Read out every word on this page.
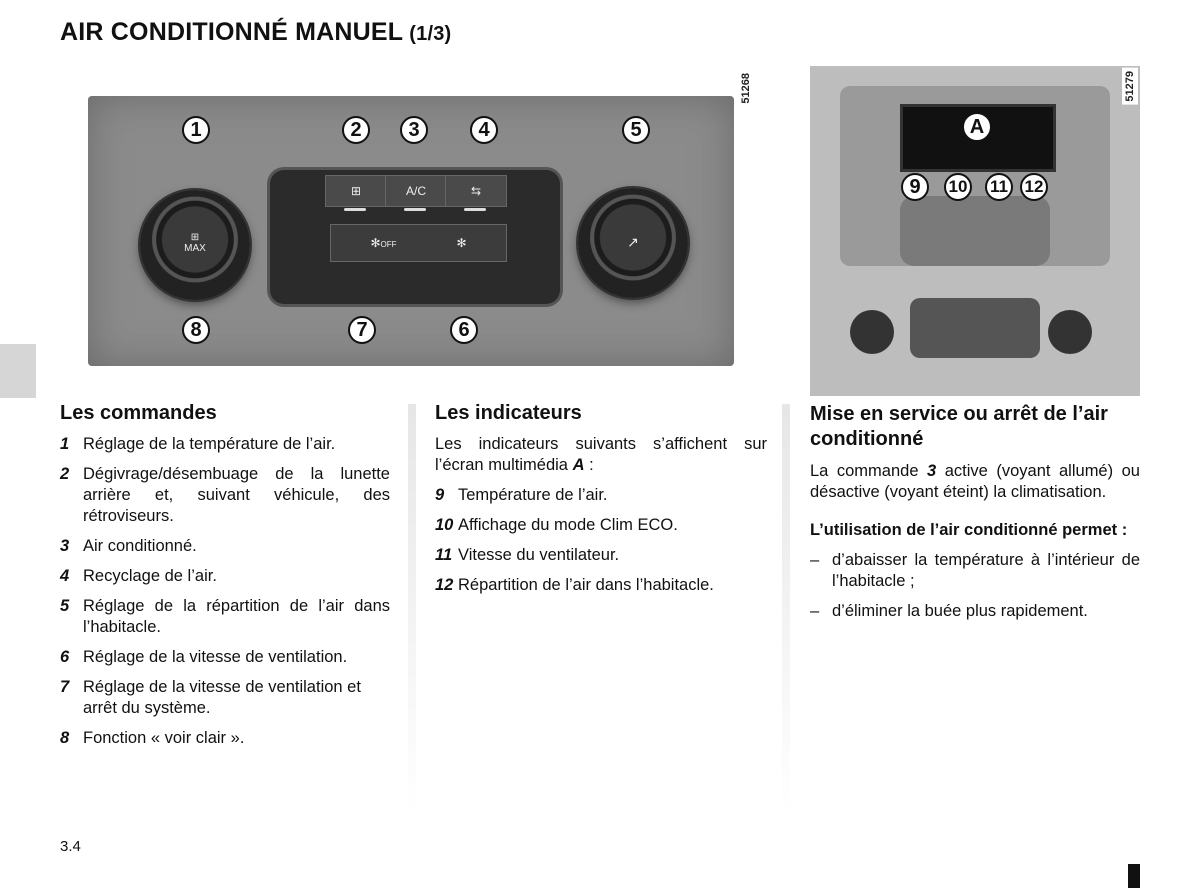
AIR CONDITIONNÉ MANUEL (1/3)
51268
⊞
MAX	↗
⊞	A/C	⇆
✻OFF	✻
1	2	3	4	5
6
7
8
51279
A
9	10 11 12
Les commandes
1 Réglage de la température de l’air.
2 Dégivrage/désembuage de la lunette arrière et, suivant véhicule, des rétroviseurs.
3 Air conditionné.
4 Recyclage de l’air.
5 Réglage de la répartition de l’air dans l’habitacle.
6 Réglage de la vitesse de ventilation.
7 Réglage de la vitesse de ventilation et arrêt du système.
8 Fonction « voir clair ».
Les indicateurs
Les indicateurs suivants s’affichent sur l’écran multimédia A :
9 Température de l’air.
10 Affichage du mode Clim ECO.
11 Vitesse du ventilateur.
12 Répartition de l’air dans l’habitacle.
Mise en service ou arrêt de l’air conditionné
La commande 3 active (voyant allumé) ou désactive (voyant éteint) la climatisation.
L’utilisation de l’air conditionné permet :
– d’abaisser la température à l’intérieur de l’habitacle ;
– d’éliminer la buée plus rapidement.
3.4
